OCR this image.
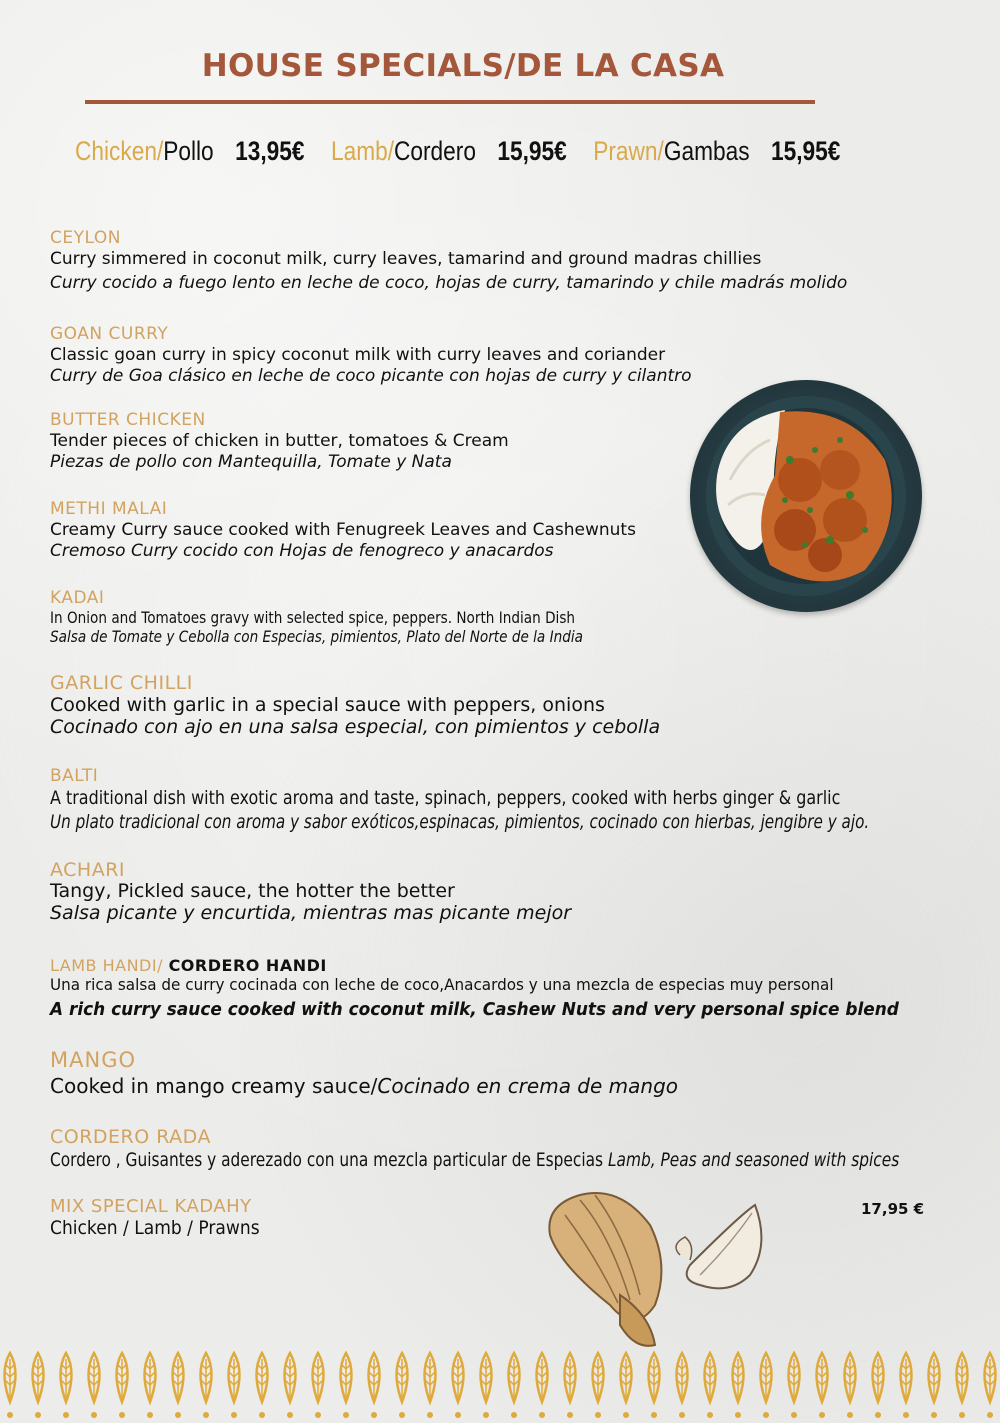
HOUSE SPECIALS/DE LA CASA
Chicken/Pollo 13,95€ Lamb/Cordero 15,95€ Prawn/Gambas 15,95€
CEYLON
Curry simmered in coconut milk, curry leaves, tamarind and ground madras chillies
Curry cocido a fuego lento en leche de coco, hojas de curry, tamarindo y chile madrás molido
GOAN CURRY
Classic goan curry in spicy coconut milk with curry leaves and coriander
Curry de Goa clásico en leche de coco picante con hojas de curry y cilantro
BUTTER CHICKEN
Tender pieces of chicken in butter, tomatoes & Cream
Piezas de pollo con Mantequilla, Tomate y Nata
METHI MALAI
Creamy Curry sauce cooked with Fenugreek Leaves and Cashewnuts
Cremoso Curry cocido con Hojas de fenogreco y anacardos
KADAI
In Onion and Tomatoes gravy with selected spice, peppers. North Indian Dish
Salsa de Tomate y Cebolla con Especias, pimientos, Plato del Norte de la India
GARLIC CHILLI
Cooked with garlic in a special sauce with peppers, onions
Cocinado con ajo en una salsa especial, con pimientos y cebolla
BALTI
A traditional dish with exotic aroma and taste, spinach, peppers, cooked with herbs ginger & garlic
Un plato tradicional con aroma y sabor exóticos,espinacas, pimientos, cocinado con hierbas, jengibre y ajo.
ACHARI
Tangy, Pickled sauce, the hotter the better
Salsa picante y encurtida, mientras mas picante mejor
LAMB HANDI/ CORDERO HANDI
Una rica salsa de curry cocinada con leche de coco,Anacardos y una mezcla de especias muy personal
A rich curry sauce cooked with coconut milk, Cashew Nuts and very personal spice blend
MANGO
Cooked in mango creamy sauce/Cocinado en crema de mango
CORDERO RADA
Cordero , Guisantes y aderezado con una mezcla particular de Especias Lamb, Peas and seasoned with spices
MIX SPECIAL KADAHY
Chicken / Lamb / Prawns
17,95 €
